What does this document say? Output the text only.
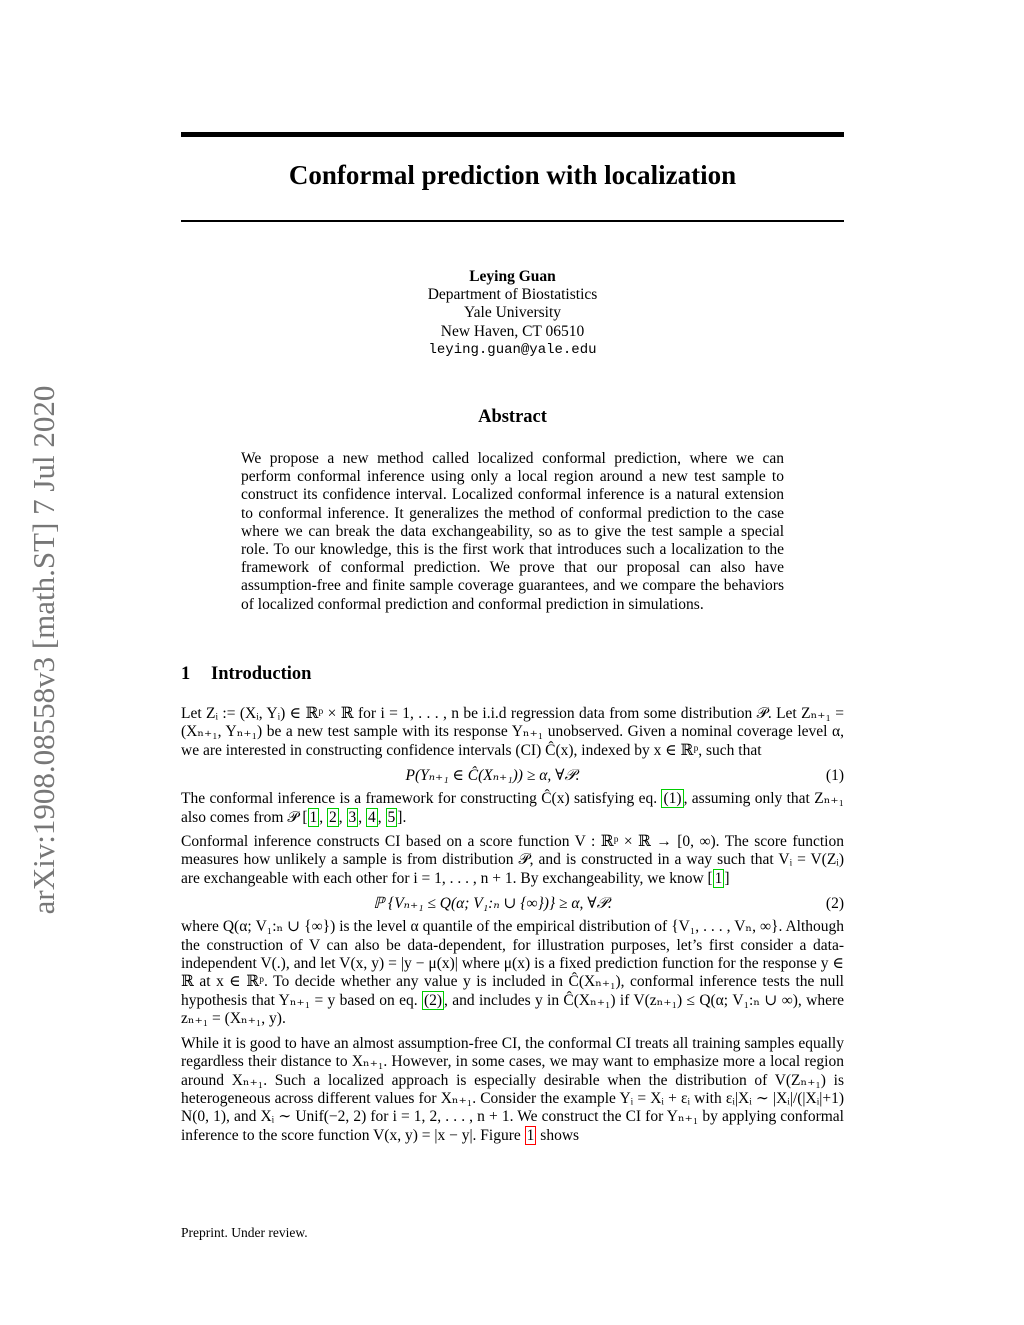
arXiv:1908.08558v3 [math.ST] 7 Jul 2020
Conformal prediction with localization
Leying Guan
Department of Biostatistics
Yale University
New Haven, CT 06510
leying.guan@yale.edu
Abstract

We propose a new method called localized conformal prediction, where we can perform conformal inference using only a local region around a new test sample to construct its confidence interval. Localized conformal inference is a natural extension to conformal inference. It generalizes the method of conformal prediction to the case where we can break the data exchangeability, so as to give the test sample a special role. To our knowledge, this is the first work that introduces such a localization to the framework of conformal prediction. We prove that our proposal can also have assumption-free and finite sample coverage guarantees, and we compare the behaviors of localized conformal prediction and conformal prediction in simulations.

1 Introduction

Let Zᵢ := (Xᵢ, Yᵢ) ∈ ℝᵖ × ℝ for i = 1, . . . , n be i.i.d regression data from some distribution 𝒫. Let Zₙ₊₁ = (Xₙ₊₁, Yₙ₊₁) be a new test sample with its response Yₙ₊₁ unobserved. Given a nominal coverage level α, we are interested in constructing confidence intervals (CI) Ĉ(x), indexed by x ∈ ℝᵖ, such that

P(Yₙ₊₁ ∈ Ĉ(Xₙ₊₁)) ≥ α, ∀𝒫.	(1)

The conformal inference is a framework for constructing Ĉ(x) satisfying eq. (1) , assuming only that Zₙ₊₁ also comes from 𝒫 [ 1 , 2 , 3 , 4 , 5 ].

Conformal inference constructs CI based on a score function V : ℝᵖ × ℝ → [0, ∞). The score function measures how unlikely a sample is from distribution 𝒫, and is constructed in a way such that Vᵢ = V(Zᵢ) are exchangeable with each other for i = 1, . . . , n + 1. By exchangeability, we know [ 1 ]

ℙ {Vₙ₊₁ ≤ Q(α; V₁:ₙ ∪ {∞})} ≥ α, ∀𝒫.	(2)

where Q(α; V₁:ₙ ∪ {∞}) is the level α quantile of the empirical distribution of {V₁, . . . , Vₙ, ∞}. Although the construction of V can also be data-dependent, for illustration purposes, let’s first consider a data-independent V(.), and let V(x, y) = |y − μ(x)| where μ(x) is a fixed prediction function for the response y ∈ ℝ at x ∈ ℝᵖ. To decide whether any value y is included in Ĉ(Xₙ₊₁), conformal inference tests the null hypothesis that Yₙ₊₁ = y based on eq. (2) , and includes y in Ĉ(Xₙ₊₁) if V(zₙ₊₁) ≤ Q(α; V₁:ₙ ∪ ∞), where zₙ₊₁ = (Xₙ₊₁, y).

While it is good to have an almost assumption-free CI, the conformal CI treats all training samples equally regardless their distance to Xₙ₊₁. However, in some cases, we may want to emphasize more a local region around Xₙ₊₁. Such a localized approach is especially desirable when the distribution of V(Zₙ₊₁) is heterogeneous across different values for Xₙ₊₁. Consider the example Yᵢ = Xᵢ + εᵢ with εᵢ|Xᵢ ∼ |Xᵢ|/(|Xᵢ|+1) N(0, 1), and Xᵢ ∼ Unif(−2, 2) for i = 1, 2, . . . , n + 1. We construct the CI for Yₙ₊₁ by applying conformal inference to the score function V(x, y) = |x − y|. Figure 1 shows

Preprint. Under review.
